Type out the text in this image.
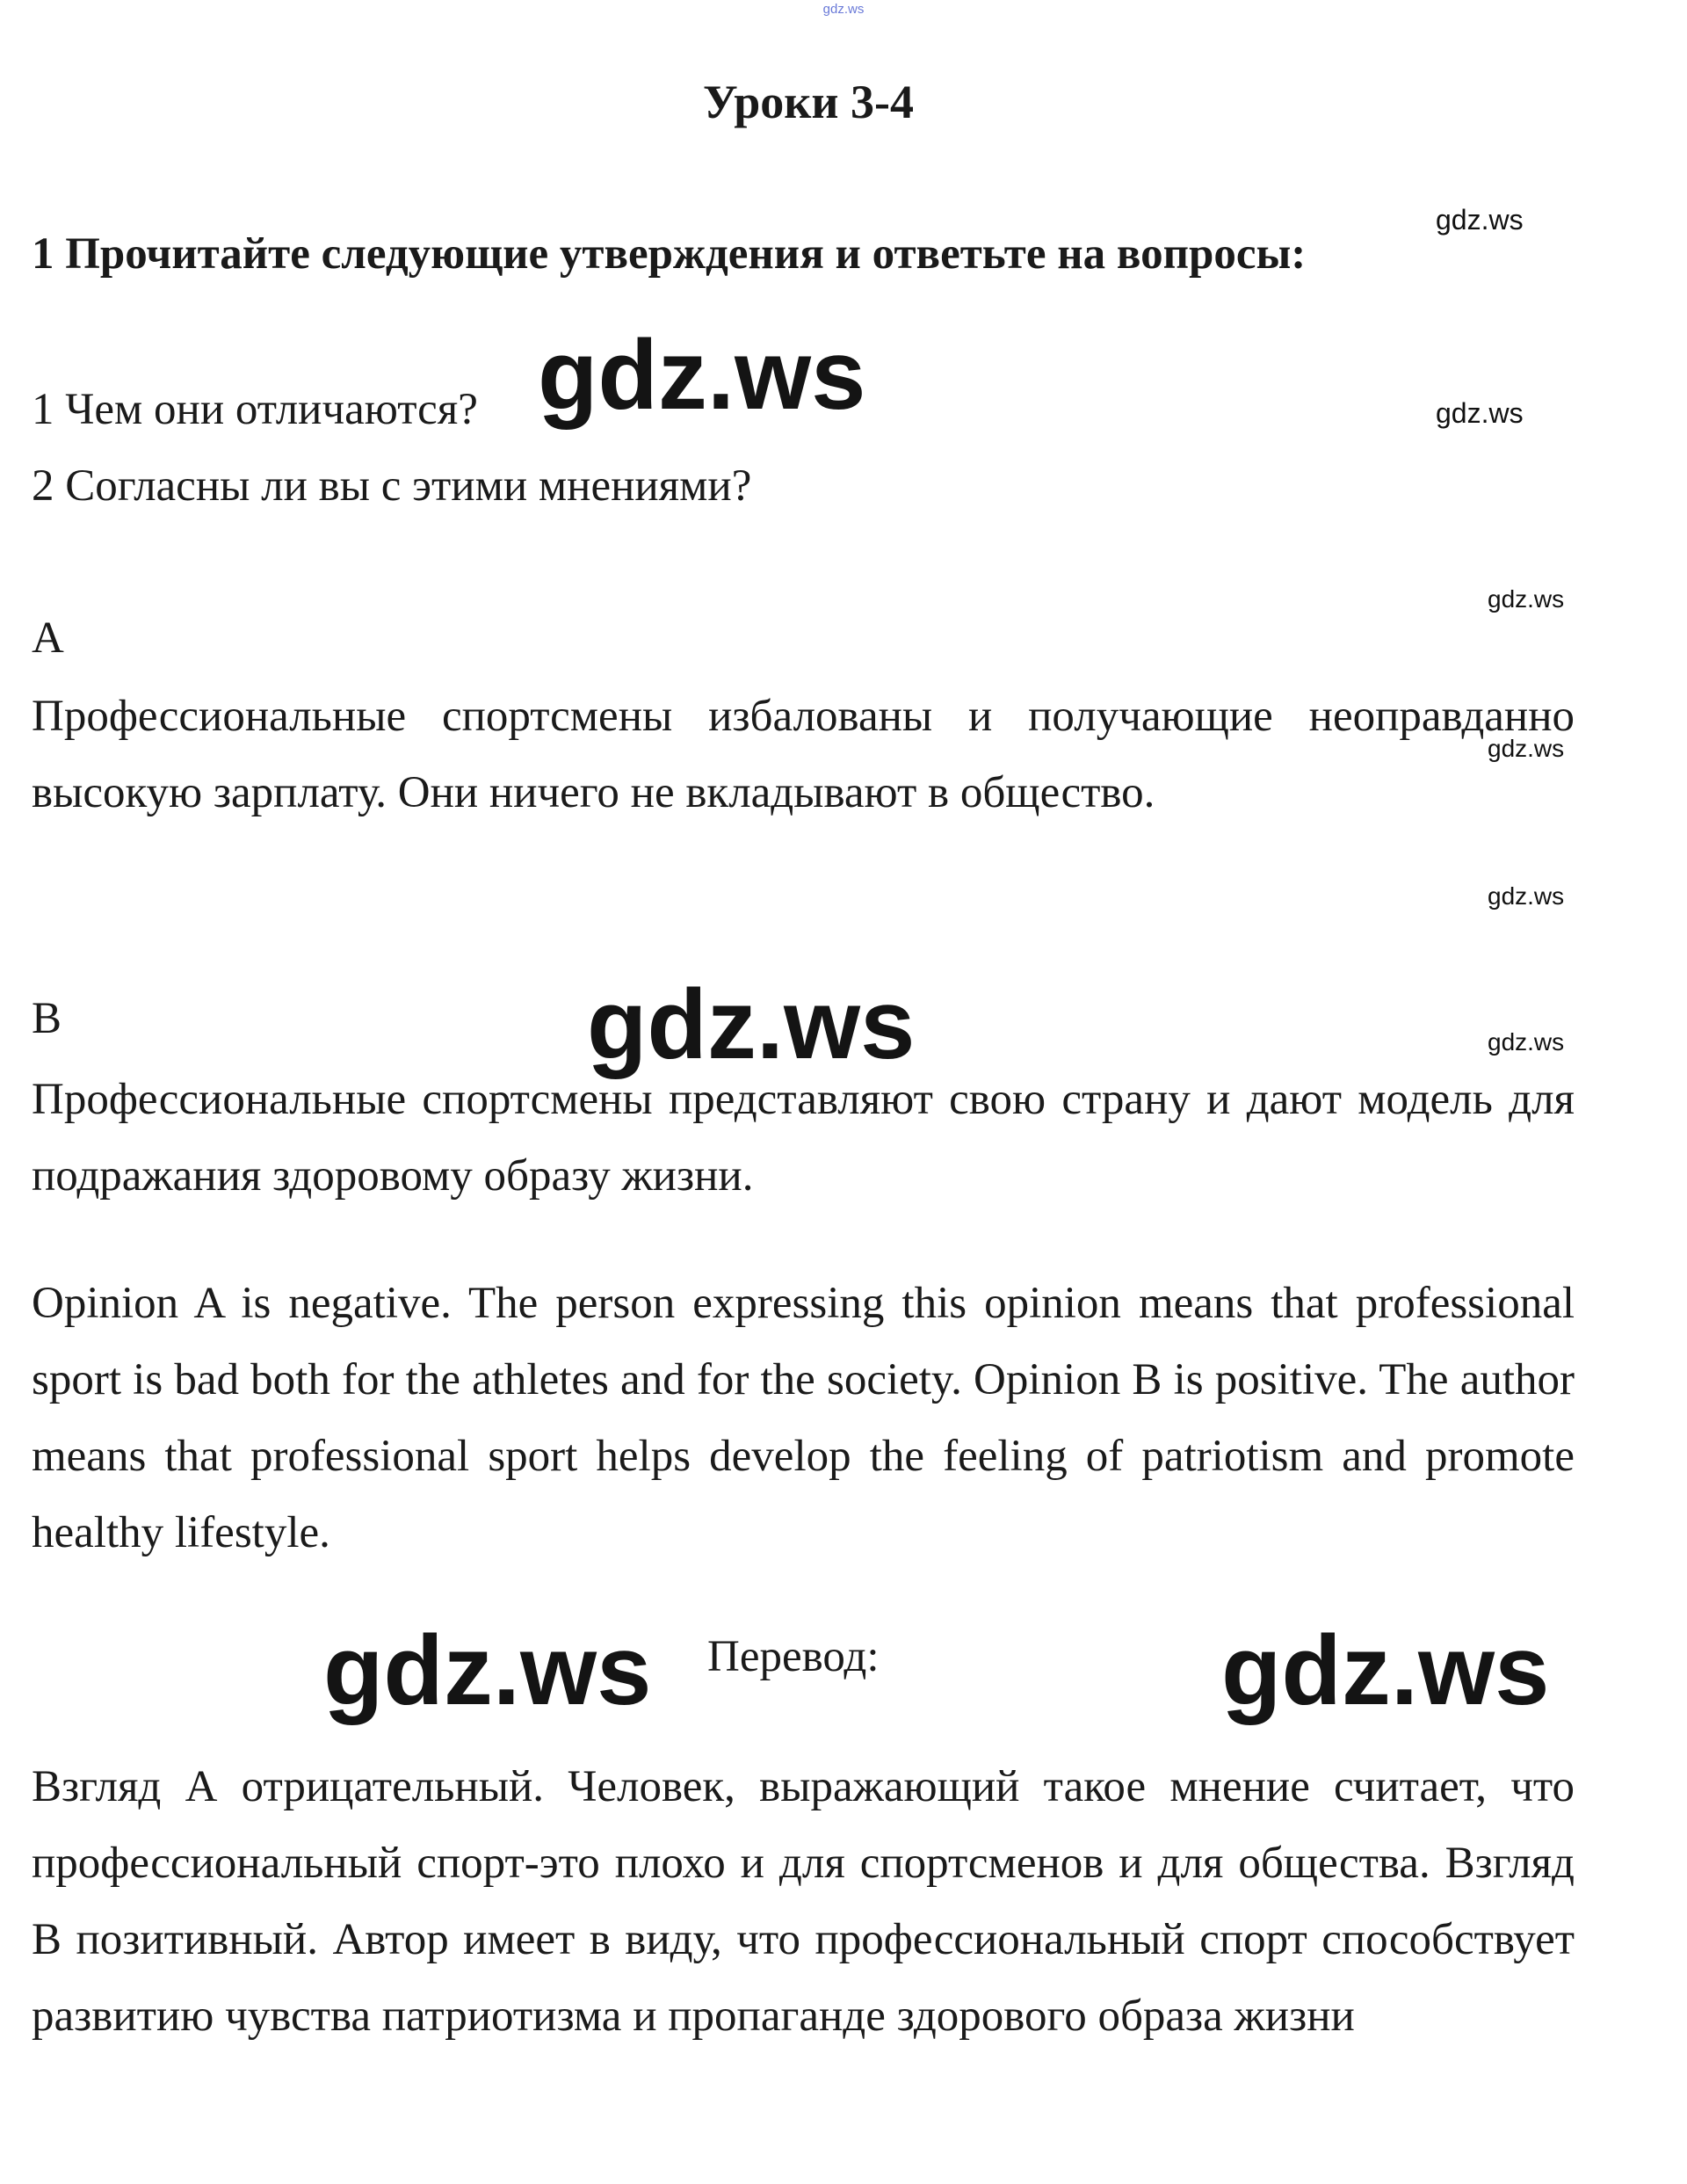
gdz.ws
Уроки 3-4
1 Прочитайте следующие утверждения и ответьте на вопросы:
1 Чем они отличаются?
2 Согласны ли вы с этими мнениями?
A

Профессиональные спортсмены избалованы и получающие неоправданно высокую зарплату. Они ничего не вкладывают в общество.

B

Профессиональные спортсмены представляют свою страну и дают модель для подражания здоровому образу жизни.

Opinion A is negative. The person expressing this opinion means that professional sport is bad both for the athletes and for the society. Opinion B is positive. The author means that professional sport helps develop the feeling of patriotism and promote healthy lifestyle.

Перевод:

Взгляд А отрицательный. Человек, выражающий такое мнение считает, что профессиональный спорт-это плохо и для спортсменов и для общества. Взгляд В позитивный. Автор имеет в виду, что профессиональный спорт способствует развитию чувства патриотизма и пропаганде здорового образа жизни

gdz.ws
gdz.ws
gdz.ws
gdz.ws
gdz.ws
gdz.ws
gdz.ws
gdz.ws
gdz.ws	gdz.ws
